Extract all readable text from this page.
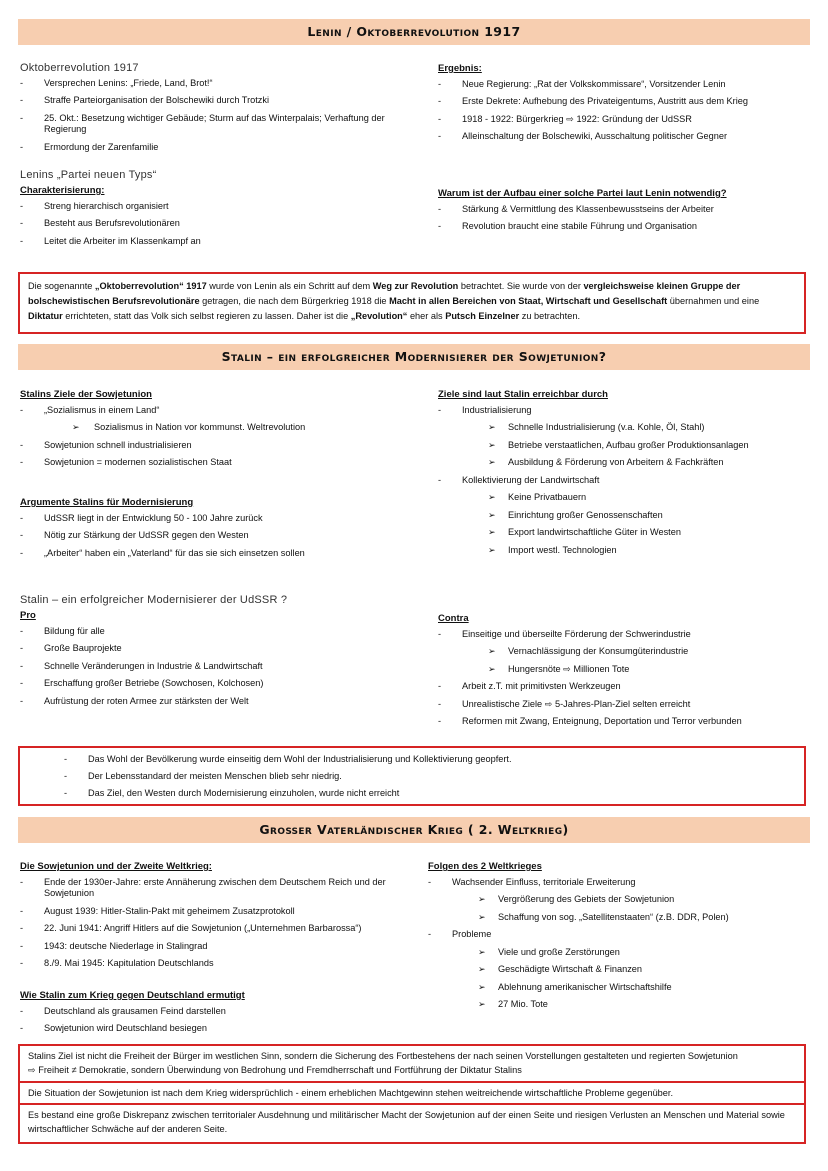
Lenin / Oktoberrevolution 1917
Oktoberrevolution 1917
- Versprechen Lenins: „Friede, Land, Brot!“
- Straffe Parteiorganisation der Bolschewiki durch Trotzki
- 25. Okt.: Besetzung wichtiger Gebäude; Sturm auf das Winterpalais; Verhaftung der Regierung
- Ermordung der Zarenfamilie
Ergebnis:
- Neue Regierung: „Rat der Volkskommissare“, Vorsitzender Lenin
- Erste Dekrete: Aufhebung des Privateigentums, Austritt aus dem Krieg
- 1918 - 1922: Bürgerkrieg ⇨ 1922: Gründung der UdSSR
- Alleinschaltung der Bolschewiki, Ausschaltung politischer Gegner
Lenins „Partei neuen Typs“
Charakterisierung:
- Streng hierarchisch organisiert
- Besteht aus Berufsrevolutionären
- Leitet die Arbeiter im Klassenkampf an
Warum ist der Aufbau einer solche Partei laut Lenin notwendig?
- Stärkung & Vermittlung des Klassenbewusstseins der Arbeiter
- Revolution braucht eine stabile Führung und Organisation
Die sogenannte „Oktoberrevolution“ 1917 wurde von Lenin als ein Schritt auf dem Weg zur Revolution betrachtet. Sie wurde von der vergleichsweise kleinen Gruppe der bolschewistischen Berufsrevolutionäre getragen, die nach dem Bürgerkrieg 1918 die Macht in allen Bereichen von Staat, Wirtschaft und Gesellschaft übernahmen und eine Diktatur errichteten, statt das Volk sich selbst regieren zu lassen. Daher ist die „Revolution“ eher als Putsch Einzelner zu betrachten.
Stalin – ein erfolgreicher Modernisierer der Sowjetunion?
Stalins Ziele der Sowjetunion
- „Sozialismus in einem Land“
➢ Sozialismus in Nation vor kommunst. Weltrevolution
- Sowjetunion schnell industrialisieren
- Sowjetunion = modernen sozialistischen Staat
Argumente Stalins für Modernisierung
- UdSSR liegt in der Entwicklung 50 - 100 Jahre zurück
- Nötig zur Stärkung der UdSSR gegen den Westen
- „Arbeiter“ haben ein „Vaterland“ für das sie sich einsetzen sollen
Ziele sind laut Stalin erreichbar durch
- Industrialisierung
➢ Schnelle Industrialisierung (v.a. Kohle, Öl, Stahl)
➢ Betriebe verstaatlichen, Aufbau großer Produktionsanlagen
➢ Ausbildung & Förderung von Arbeitern & Fachkräften
- Kollektivierung der Landwirtschaft
➢ Keine Privatbauern
➢ Einrichtung großer Genossenschaften
➢ Export landwirtschaftliche Güter in Westen
➢ Import westl. Technologien
Stalin – ein erfolgreicher Modernisierer der UdSSR ?
Pro
- Bildung für alle
- Große Bauprojekte
- Schnelle Veränderungen in Industrie & Landwirtschaft
- Erschaffung großer Betriebe (Sowchosen, Kolchosen)
- Aufrüstung der roten Armee zur stärksten der Welt
Contra
- Einseitige und überseilte Förderung der Schwerindustrie
➢ Vernachlässigung der Konsumgüterindustrie
➢ Hungersnöte ⇨ Millionen Tote
- Arbeit z.T. mit primitivsten Werkzeugen
- Unrealistische Ziele ⇨ 5-Jahres-Plan-Ziel selten erreicht
- Reformen mit Zwang, Enteignung, Deportation und Terror verbunden
- Das Wohl der Bevölkerung wurde einseitig dem Wohl der Industrialisierung und Kollektivierung geopfert.
- Der Lebensstandard der meisten Menschen blieb sehr niedrig.
- Das Ziel, den Westen durch Modernisierung einzuholen, wurde nicht erreicht
Großer Vaterländischer Krieg ( 2. Weltkrieg)
Die Sowjetunion und der Zweite Weltkrieg:
- Ende der 1930er-Jahre: erste Annäherung zwischen dem Deutschem Reich und der Sowjetunion
- August 1939: Hitler-Stalin-Pakt mit geheimem Zusatzprotokoll
- 22. Juni 1941: Angriff Hitlers auf die Sowjetunion („Unternehmen Barbarossa“)
- 1943: deutsche Niederlage in Stalingrad
- 8./9. Mai 1945: Kapitulation Deutschlands
Wie Stalin zum Krieg gegen Deutschland ermutigt
- Deutschland als grausamen Feind darstellen
- Sowjetunion wird Deutschland besiegen
Folgen des 2 Weltkrieges
- Wachsender Einfluss, territoriale Erweiterung
➢ Vergrößerung des Gebiets der Sowjetunion
➢ Schaffung von sog. „Satellitenstaaten“ (z.B. DDR, Polen)
- Probleme
➢ Viele und große Zerstörungen
➢ Geschädigte Wirtschaft & Finanzen
➢ Ablehnung amerikanischer Wirtschaftshilfe
➢ 27 Mio. Tote
Stalins Ziel ist nicht die Freiheit der Bürger im westlichen Sinn, sondern die Sicherung des Fortbestehens der nach seinen Vorstellungen gestalteten und regierten Sowjetunion
⇨ Freiheit ≠ Demokratie, sondern Überwindung von Bedrohung und Fremdherrschaft und Fortführung der Diktatur Stalins
Die Situation der Sowjetunion ist nach dem Krieg widersprüchlich - einem erheblichen Machtgewinn stehen weitreichende wirtschaftliche Probleme gegenüber.
Es bestand eine große Diskrepanz zwischen territorialer Ausdehnung und militärischer Macht der Sowjetunion auf der einen Seite und riesigen Verlusten an Menschen und Material sowie wirtschaftlicher Schwäche auf der anderen Seite.
